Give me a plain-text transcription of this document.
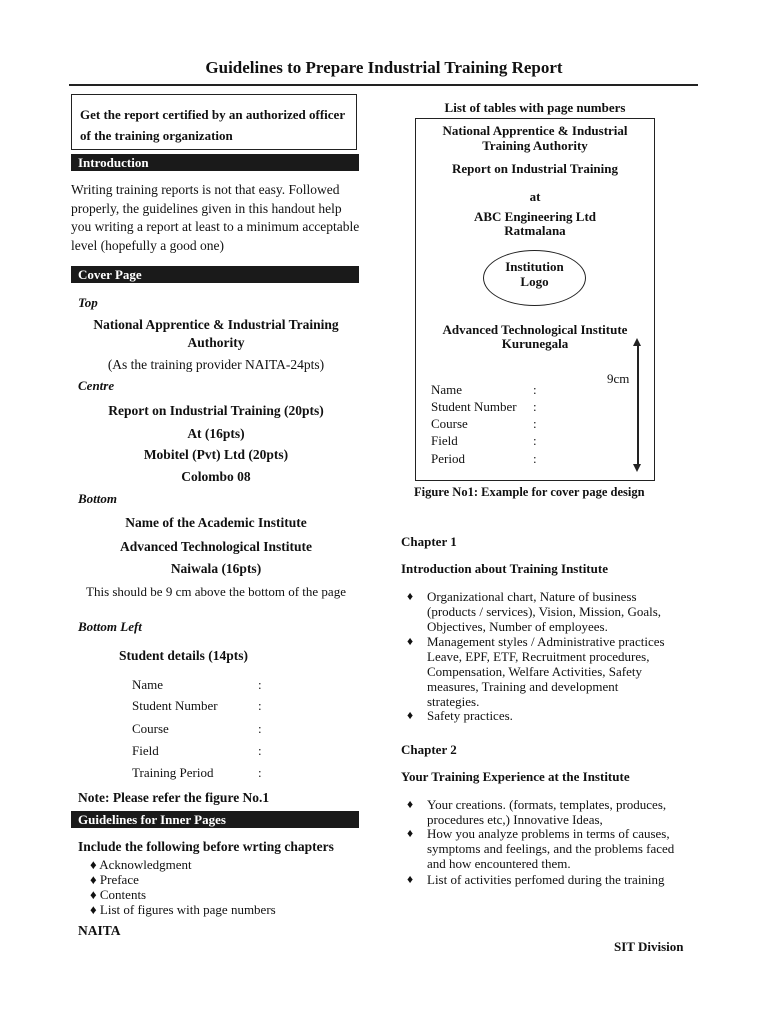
Guidelines to Prepare Industrial Training Report
Get the report certified by an authorized officer of the training organization
Introduction
Writing training reports is not that easy. Followed properly, the guidelines given in this handout help you writing a report at least to a minimum acceptable level (hopefully a good one)
Cover Page
Top
National Apprentice & Industrial Training
Authority
(As the training provider NAITA-24pts)
Centre
Report on Industrial Training (20pts)
At (16pts)
Mobitel (Pvt) Ltd (20pts)
Colombo 08
Bottom
Name of the Academic Institute
Advanced Technological Institute
Naiwala (16pts)
This should be 9 cm above the bottom of the page
Bottom Left
Student details (14pts)
Name	:
Student Number	:
Course	:
Field	:
Training Period	:
Note: Please refer the figure No.1
Guidelines for Inner Pages
Include the following before wrting chapters
♦ Acknowledgment
♦ Preface
♦ Contents
♦ List of figures with page numbers
NAITA
List of tables with page numbers
National Apprentice & Industrial
Training Authority
Report on Industrial Training
at
ABC Engineering Ltd
Ratmalana
Institution
Logo
Advanced Technological Institute
Kurunegala
9cm
Name	:
Student Number :
Course	:
Field	:
Period	:
Figure No1: Example for cover page design
Chapter 1
Introduction about Training Institute
♦ Organizational chart, Nature of business
(products / services), Vision, Mission, Goals,
Objectives, Number of employees.
♦ Management styles / Administrative practices
Leave, EPF, ETF, Recruitment procedures,
Compensation, Welfare Activities, Safety
measures, Training and development
strategies.
♦ Safety practices.
Chapter 2
Your Training Experience at the Institute
♦ Your creations. (formats, templates, produces,
procedures etc,) Innovative Ideas,
♦ How you analyze problems in terms of causes,
symptoms and feelings, and the problems faced
and how encountered them.
♦ List of activities perfomed during the training
SIT Division
